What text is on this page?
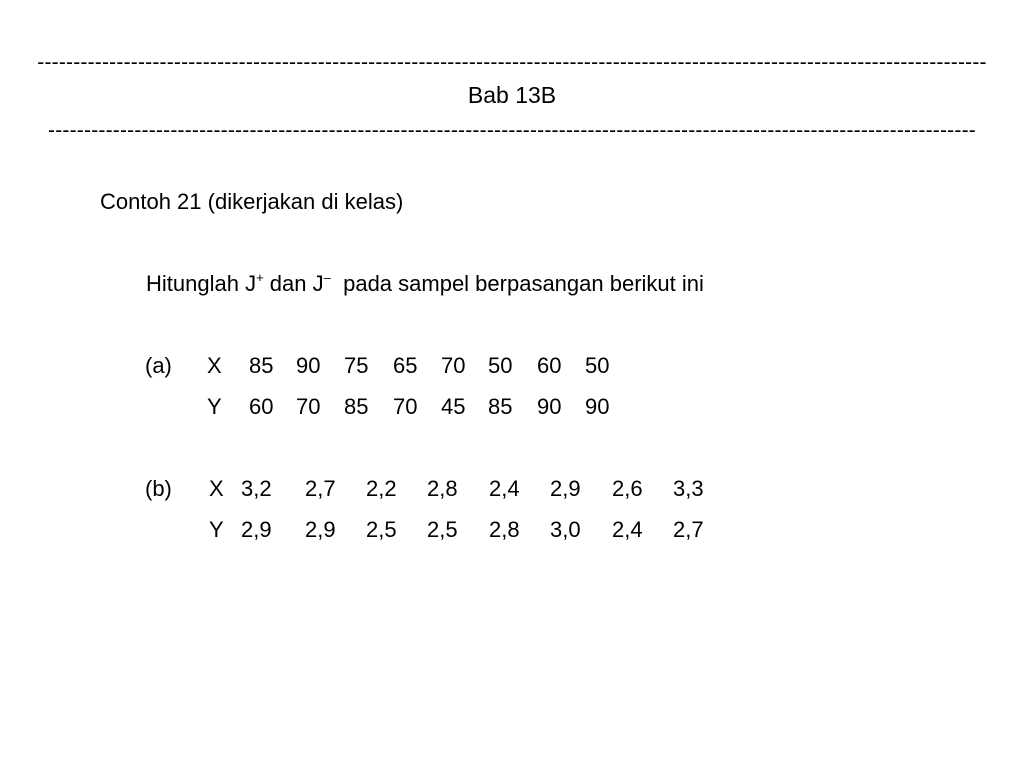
------------------------------------------------------------------------------------------------------------------------------------
Bab 13B
---------------------------------------------------------------------------------------------------------------------------------
Contoh 21 (dikerjakan di kelas)
Hitunglah J+ dan J– pada sampel berpasangan berikut ini
(a) X 85 90 75 65 70 50 60 50
Y 60 70 85 70 45 85 90 90
(b) X 3,2 2,7 2,2 2,8 2,4 2,9 2,6 3,3
Y 2,9 2,9 2,5 2,5 2,8 3,0 2,4 2,7
